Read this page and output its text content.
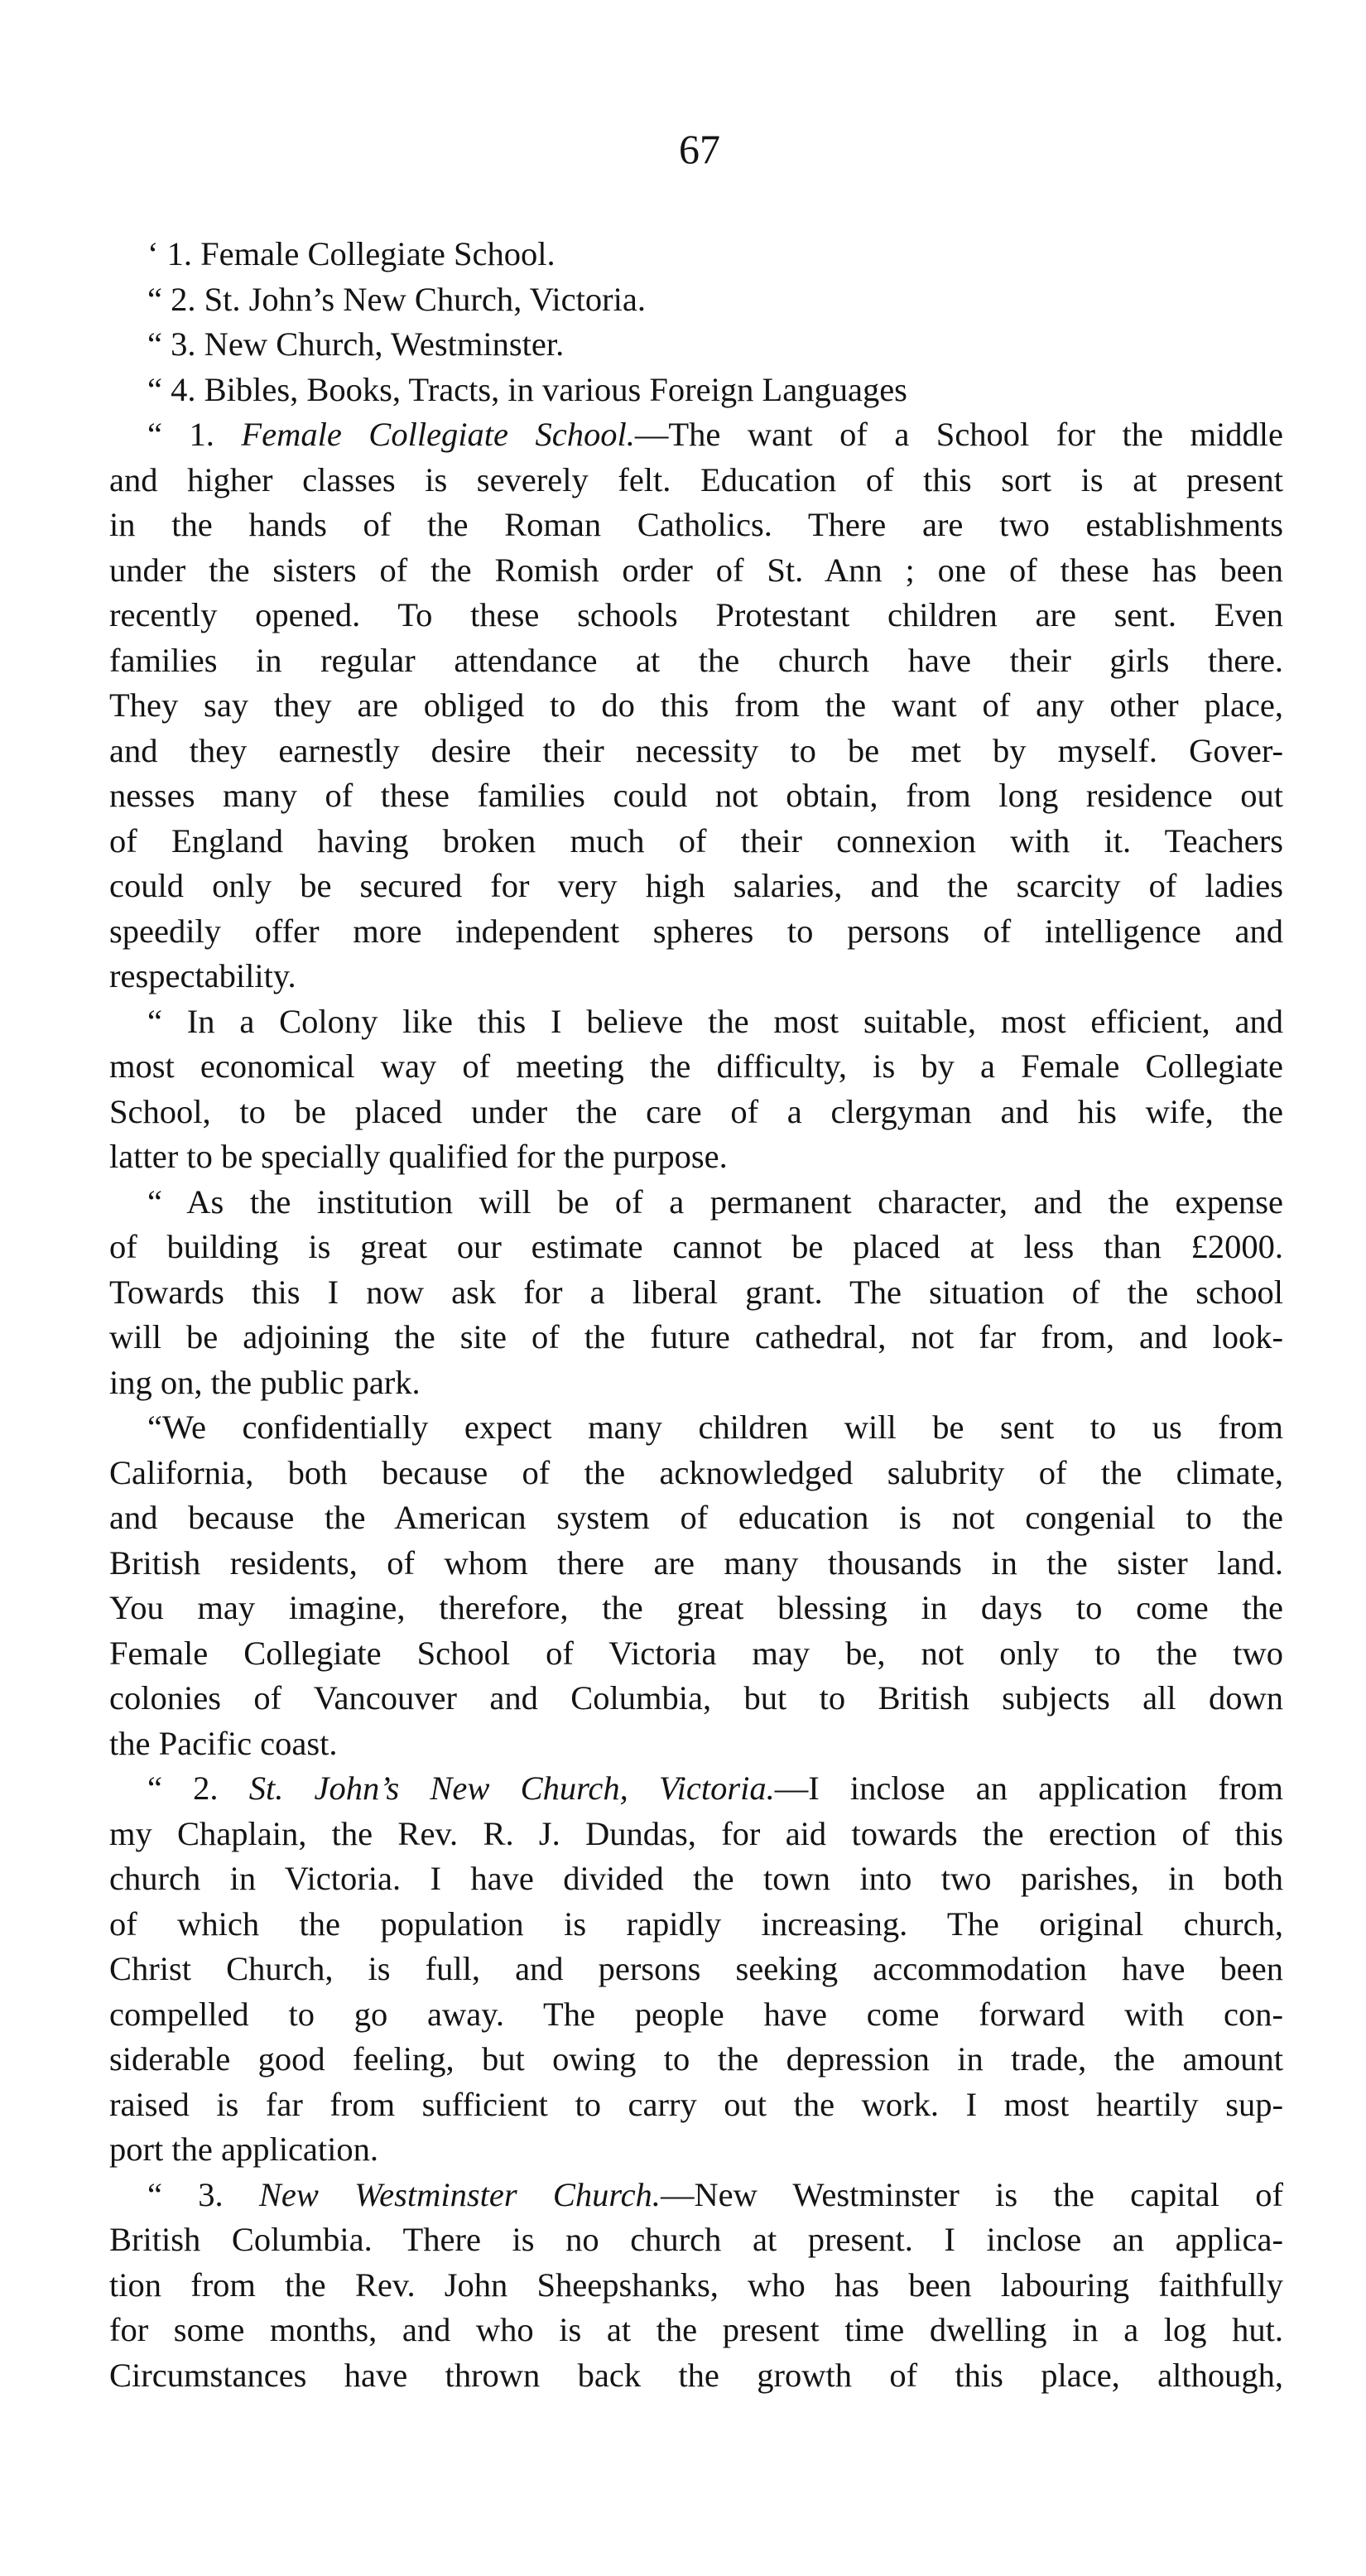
67
‘ 1. Female Collegiate School.
“ 2. St. John’s New Church, Victoria.
“ 3. New Church, Westminster.
“ 4. Bibles, Books, Tracts, in various Foreign Languages
“ 1. Female Collegiate School.—The want of a School for the middle
and higher classes is severely felt. Education of this sort is at present
in the hands of the Roman Catholics. There are two establishments
under the sisters of the Romish order of St. Ann ; one of these has been
recently opened. To these schools Protestant children are sent. Even
families in regular attendance at the church have their girls there.
They say they are obliged to do this from the want of any other place,
and they earnestly desire their necessity to be met by myself. Gover-
nesses many of these families could not obtain, from long residence out
of England having broken much of their connexion with it. Teachers
could only be secured for very high salaries, and the scarcity of ladies
speedily offer more independent spheres to persons of intelligence and
respectability.
“ In a Colony like this I believe the most suitable, most efficient, and
most economical way of meeting the difficulty, is by a Female Collegiate
School, to be placed under the care of a clergyman and his wife, the
latter to be specially qualified for the purpose.
“ As the institution will be of a permanent character, and the expense
of building is great our estimate cannot be placed at less than £2000.
Towards this I now ask for a liberal grant. The situation of the school
will be adjoining the site of the future cathedral, not far from, and look-
ing on, the public park.
“We confidentially expect many children will be sent to us from
California, both because of the acknowledged salubrity of the climate,
and because the American system of education is not congenial to the
British residents, of whom there are many thousands in the sister land.
You may imagine, therefore, the great blessing in days to come the
Female Collegiate School of Victoria may be, not only to the two
colonies of Vancouver and Columbia, but to British subjects all down
the Pacific coast.
“ 2. St. John’s New Church, Victoria.—I inclose an application from
my Chaplain, the Rev. R. J. Dundas, for aid towards the erection of this
church in Victoria. I have divided the town into two parishes, in both
of which the population is rapidly increasing. The original church,
Christ Church, is full, and persons seeking accommodation have been
compelled to go away. The people have come forward with con-
siderable good feeling, but owing to the depression in trade, the amount
raised is far from sufficient to carry out the work. I most heartily sup-
port the application.
“ 3. New Westminster Church.—New Westminster is the capital of
British Columbia. There is no church at present. I inclose an applica-
tion from the Rev. John Sheepshanks, who has been labouring faithfully
for some months, and who is at the present time dwelling in a log hut.
Circumstances have thrown back the growth of this place, although,
